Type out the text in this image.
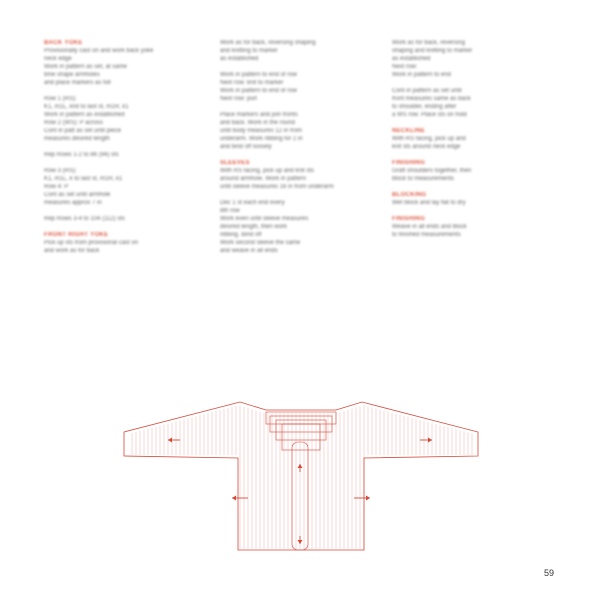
BACK YOKE
Provisionally cast on and work back yoke
neck edge
Work in pattern as set, at same
time shape armholes
and place markers as foll
Row 1 (RS):
K1, m1L, knit to last st, m1R, k1
Work in pattern as established
Row 2 (WS): P across
Cont in patt as set until piece
measures desired length
Rep Rows 1-2 to 86 (94) sts
Row 3 (RS):
K1, m1L, k to last st, m1R, k1
Row 4: P
Cont as set until armhole
measures approx 7 in
Rep Rows 3-4 to 104 (112) sts
FRONT RIGHT YOKE
Pick up sts from provisional cast on
and work as for back
Work as for back, reversing shaping
and knitting to marker
as established
Work in pattern to end of row
Next row: knit to marker
Work in pattern to end of row
Next row: purl
Place markers and join fronts
and back. Work in the round
until body measures 12 in from
underarm. Work ribbing for 2 in
and bind off loosely
SLEEVES
With RS facing, pick up and knit sts
around armhole. Work in pattern
until sleeve measures 16 in from underarm
Dec 1 st each end every
8th row
Work even until sleeve measures
desired length, then work
ribbing. Bind off
Work second sleeve the same
and weave in all ends
Work as for back, reversing
shaping and knitting to marker
as established
Next row:
Work in pattern to end
Cont in pattern as set until
front measures same as back
to shoulder, ending after
a WS row. Place sts on hold
NECKLINE
With RS facing, pick up and
knit sts around neck edge
FINISHING
Graft shoulders together, then
block to measurements
BLOCKING
Wet block and lay flat to dry
FINISHING
Weave in all ends and block
to finished measurements
59
